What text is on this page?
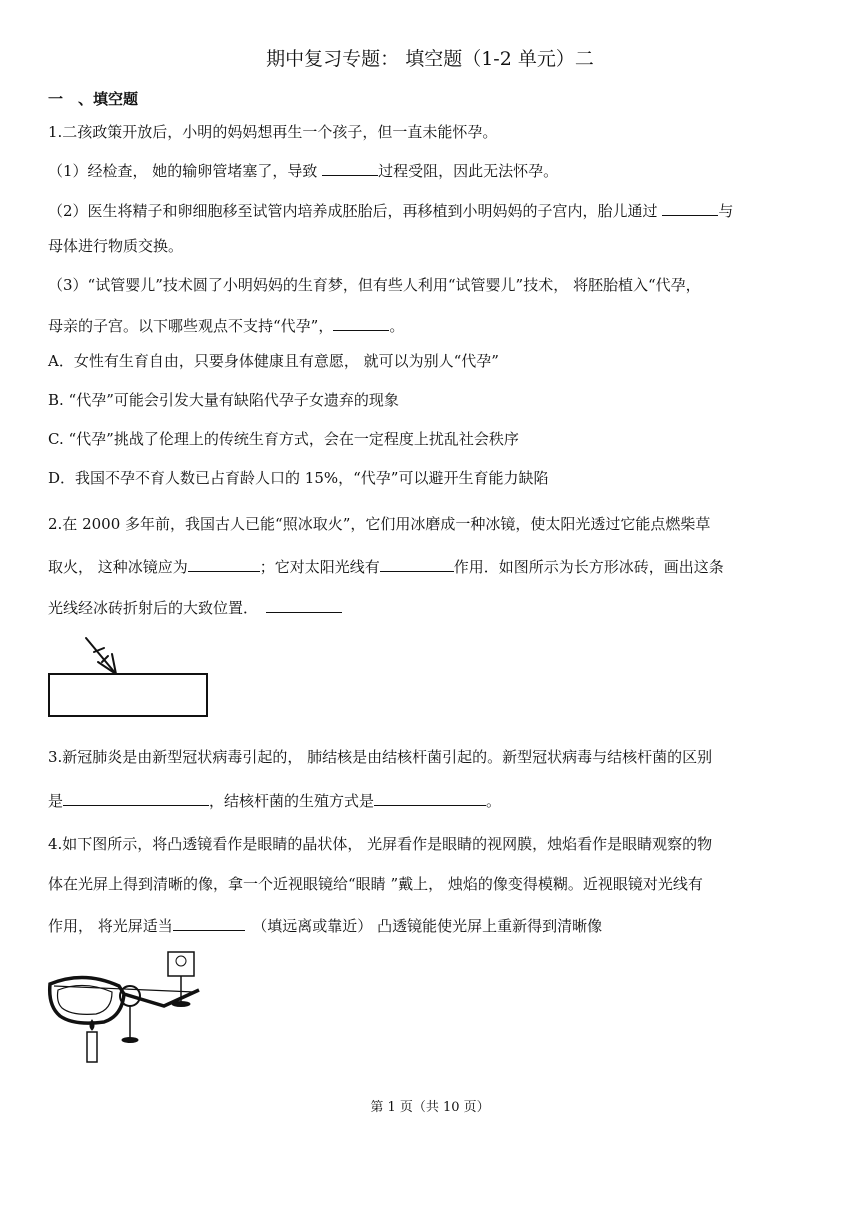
期中复习专题： 填空题（1-2 单元）二
一　、填空题
1.二孩政策开放后，小明的妈妈想再生一个孩子，但一直未能怀孕。
（1）经检查， 她的输卵管堵塞了，导致	过程受阻，因此无法怀孕。
（2）医生将精子和卵细胞移至试管内培养成胚胎后，再移植到小明妈妈的子宫内，胎儿通过	与
母体进行物质交换。
（3）“试管婴儿”技术圆了小明妈妈的生育梦，但有些人利用“试管婴儿”技术， 将胚胎植入“代孕，
母亲的子宫。以下哪些观点不支持“代孕”，	。
A．女性有生育自由，只要身体健康且有意愿， 就可以为别人“代孕”
B. “代孕”可能会引发大量有缺陷代孕子女遗弃的现象
C. “代孕”挑战了伦理上的传统生育方式，会在一定程度上扰乱社会秩序
D．我国不孕不育人数已占育龄人口的 15%，“代孕”可以避开生育能力缺陷
2.在 2000 多年前，我国古人已能“照冰取火”，它们用冰磨成一种冰镜，使太阳光透过它能点燃柴草
取火， 这种冰镜应为	；它对太阳光线有	作用．如图所示为长方形冰砖，画出这条
光线经冰砖折射后的大致位置．　
3.新冠肺炎是由新型冠状病毒引起的， 肺结核是由结核杆菌引起的。新型冠状病毒与结核杆菌的区别
是	，结核杆菌的生殖方式是	。
4.如下图所示，将凸透镜看作是眼睛的晶状体， 光屏看作是眼睛的视网膜，烛焰看作是眼睛观察的物
体在光屏上得到清晰的像，拿一个近视眼镜给“眼睛 ”戴上， 烛焰的像变得模糊。近视眼镜对光线有
作用， 将光屏适当　	（填远离或靠近） 凸透镜能使光屏上重新得到清晰像
第 1 页（共 10 页）
